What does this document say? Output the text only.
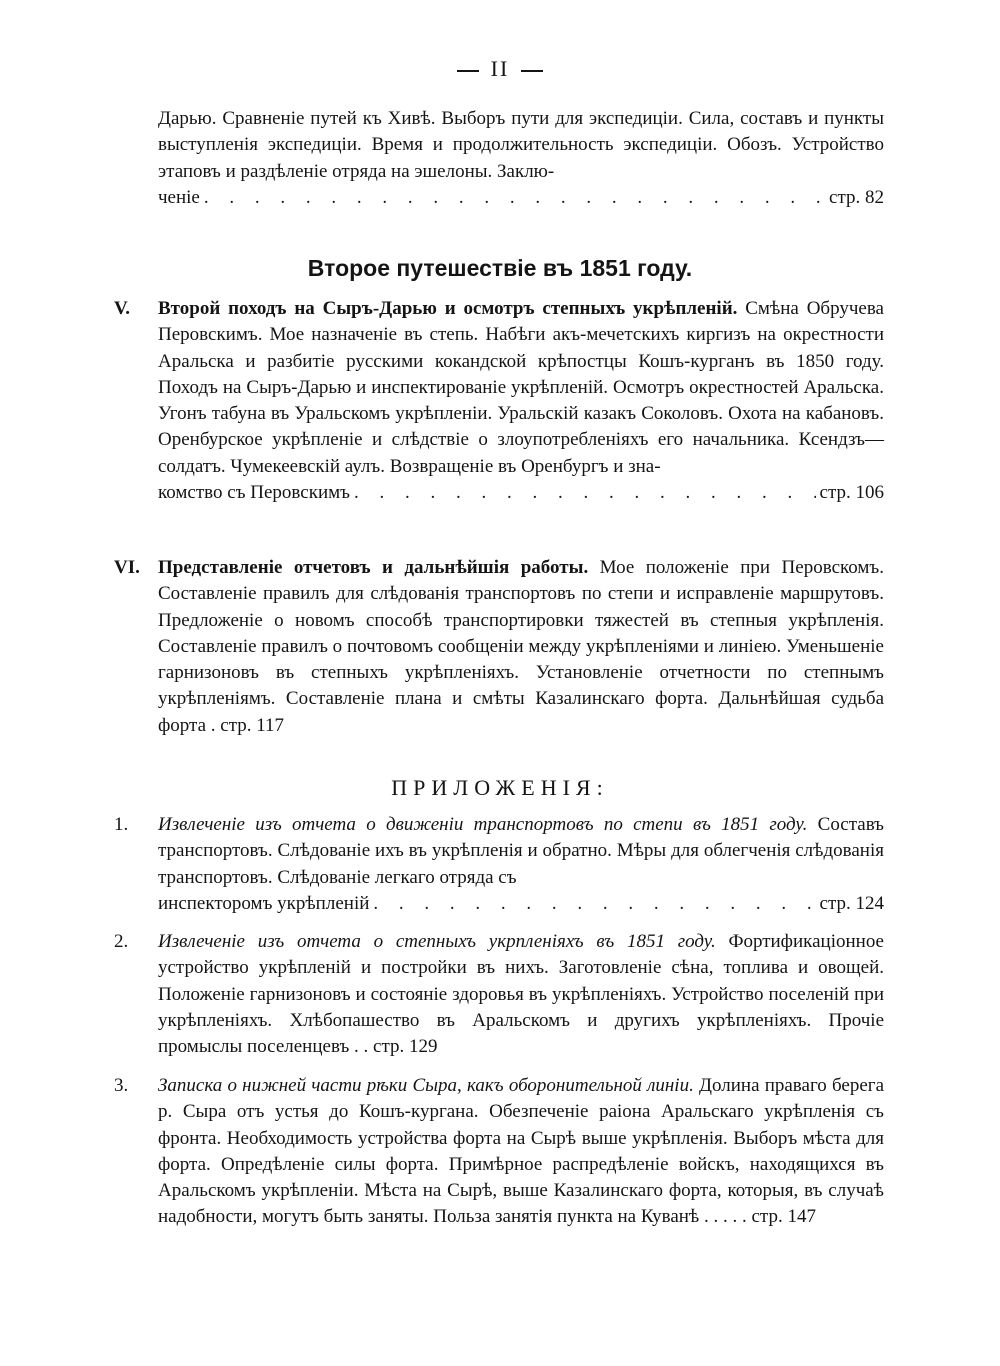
II
Дарью. Сравненіе путей къ Хивѣ. Выборъ пути для экспедиціи. Сила, составъ и пункты выступленія экспедиціи. Время и продолжительность экспедиціи. Обозъ. Устройство этаповъ и раздѣленіе отряда на эшелоны. Заклю-
ченіе . . .	стр. 82
Второе путешествіе въ 1851 году.
V. Второй походъ на Сыръ-Дарью и осмотръ степныхъ укрѣпленій. Смѣна Обручева Перовскимъ. Мое назначеніе въ степь. Набѣги акъ-мечетскихъ киргизъ на окрестности Аральска и разбитіе русскими кокандской крѣпостцы Кошъ-курганъ въ 1850 году. Походъ на Сыръ-Дарью и инспектированіе укрѣпленій. Осмотръ окрестностей Аральска. Угонъ табуна въ Уральскомъ укрѣпленіи. Уральскій казакъ Соколовъ. Охота на кабановъ. Оренбурское укрѣпленіе и слѣдствіе о злоупотребленіяхъ его начальника. Ксендзъ—солдатъ. Чумекеевскій аулъ. Возвращеніе въ Оренбургъ и зна-
комство съ Перовскимъ . . .	стр. 106
VI. Представленіе отчетовъ и дальнѣйшія работы. Мое положеніе при Перовскомъ. Составленіе правилъ для слѣдованія транспортовъ по степи и исправленіе маршрутовъ. Предложеніе о новомъ способѣ транспортировки тяжестей въ степныя укрѣпленія. Составленіе правилъ о почтовомъ сообщеніи между укрѣпленіями и линіею. Уменьшеніе гарнизоновъ въ степныхъ укрѣпленіяхъ. Установленіе отчетности по степнымъ укрѣпленіямъ. Составленіе плана и смѣты Казалинскаго форта. Дальнѣйшая судьба форта . стр. 117
ПРИЛОЖЕНІЯ:
1. Извлеченіе изъ отчета о движеніи транспортовъ по степи въ 1851 году. Составъ транспортовъ. Слѣдованіе ихъ въ укрѣпленія и обратно. Мѣры для облегченія слѣдованія транспортовъ. Слѣдованіе легкаго отряда съ
инспекторомъ укрѣпленій . . .	стр. 124
2. Извлеченіе изъ отчета о степныхъ укрпленіяхъ въ 1851 году. Фортификаціонное устройство укрѣпленій и постройки въ нихъ. Заготовленіе сѣна, топлива и овощей. Положеніе гарнизоновъ и состояніе здоровья въ укрѣпленіяхъ. Устройство поселеній при укрѣпленіяхъ. Хлѣбопашество въ Аральскомъ и другихъ укрѣпленіяхъ. Прочіе промыслы поселенцевъ . . стр. 129
3. Записка о нижней части рѣки Сыра, какъ оборонительной линіи. Долина праваго берега р. Сыра отъ устья до Кошъ-кургана. Обезпеченіе раіона Аральскаго укрѣпленія съ фронта. Необходимость устройства форта на Сырѣ выше укрѣпленія. Выборъ мѣста для форта. Опредѣленіе силы форта. Примѣрное распредѣленіе войскъ, находящихся въ Аральскомъ укрѣпленіи. Мѣста на Сырѣ, выше Казалинскаго форта, которыя, въ случаѣ надобности, могутъ быть заняты. Польза занятія пункта на Куванѣ . . . . . стр. 147
